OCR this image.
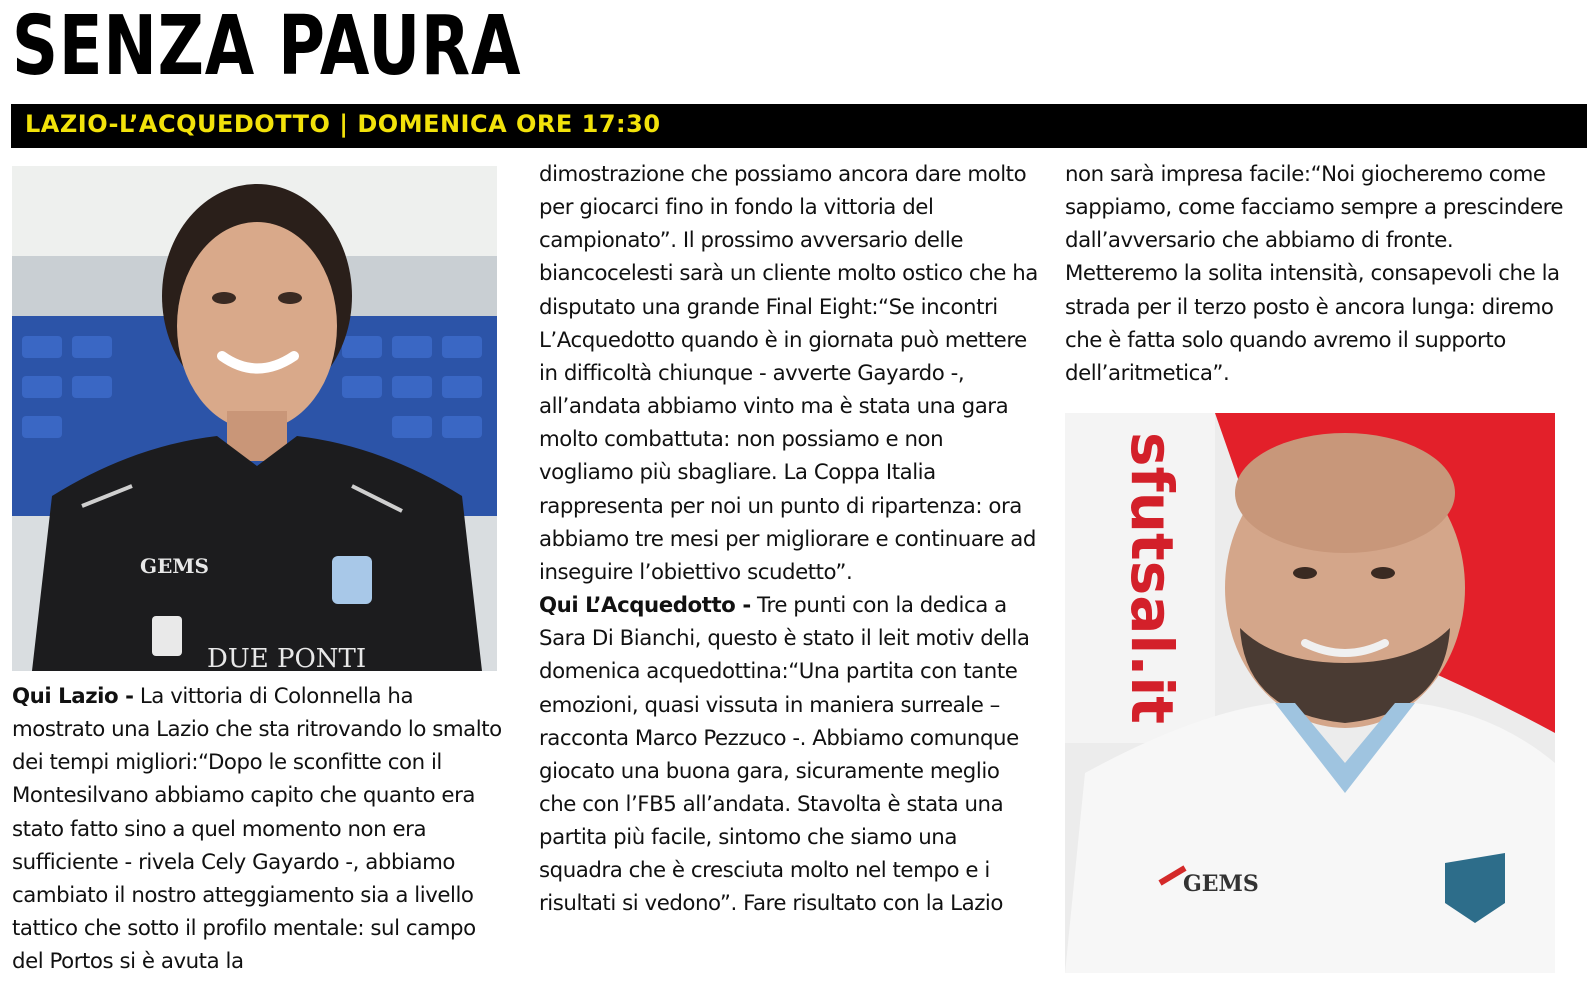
SENZA PAURA
LAZIO-L’ACQUEDOTTO | DOMENICA ORE 17:30
GEMS
DUE PONTI	sfutsal.it
GEMS

Qui Lazio - La vittoria di Colonnella ha mostrato una Lazio che sta ritrovando lo smalto dei tempi migliori:“Dopo le sconfitte con il Montesilvano abbiamo capito che quanto era stato fatto sino a quel momento non era sufficiente - rivela Cely Gayardo -, abbiamo cambiato il nostro atteggiamento sia a livello tattico che sotto il profilo mentale: sul campo del Portos si è avuta la

dimostrazione che possiamo ancora dare molto per giocarci fino in fondo la vittoria del campionato”. Il prossimo avversario delle biancocelesti sarà un cliente molto ostico che ha disputato una grande Final Eight:“Se incontri L’Acquedotto quando è in giornata può mettere in difficoltà chiunque - avverte Gayardo -, all’andata abbiamo vinto ma è stata una gara molto combattuta: non possiamo e non vogliamo più sbagliare. La Coppa Italia rappresenta per noi un punto di ripartenza: ora abbiamo tre mesi per migliorare e continuare ad inseguire l’obiettivo scudetto”.

Qui L’Acquedotto - Tre punti con la dedica a Sara Di Bianchi, questo è stato il leit motiv della domenica acquedottina:“Una partita con tante emozioni, quasi vissuta in maniera surreale – racconta Marco Pezzuco -. Abbiamo comunque giocato una buona gara, sicuramente meglio che con l’FB5 all’andata. Stavolta è stata una partita più facile, sintomo che siamo una squadra che è cresciuta molto nel tempo e i risultati si vedono”. Fare risultato con la Lazio

non sarà impresa facile:“Noi giocheremo come sappiamo, come facciamo sempre a prescindere dall’avversario che abbiamo di fronte. Metteremo la solita intensità, consapevoli che la strada per il terzo posto è ancora lunga: diremo che è fatta solo quando avremo il supporto dell’aritmetica”.
